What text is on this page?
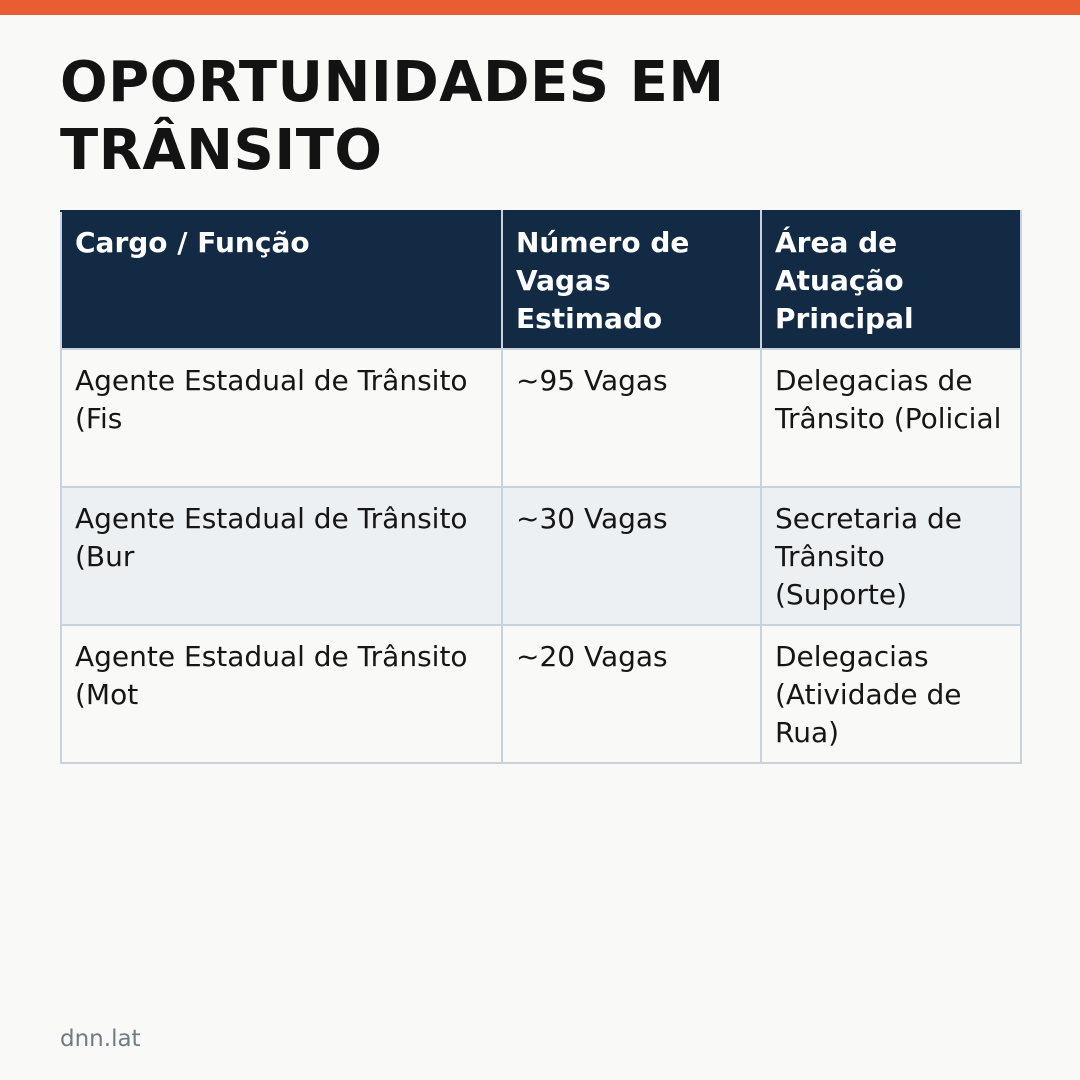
OPORTUNIDADES EM TRÂNSITO
Cargo / Função	Número de Vagas Estimado	Área de Atuação Principal
Agente Estadual de Trânsito (Fis	~95 Vagas	Delegacias de Trânsito (Policial
Agente Estadual de Trânsito (Bur	~30 Vagas	Secretaria de Trânsito (Suporte)
Agente Estadual de Trânsito (Mot	~20 Vagas	Delegacias (Atividade de Rua)
dnn.lat
